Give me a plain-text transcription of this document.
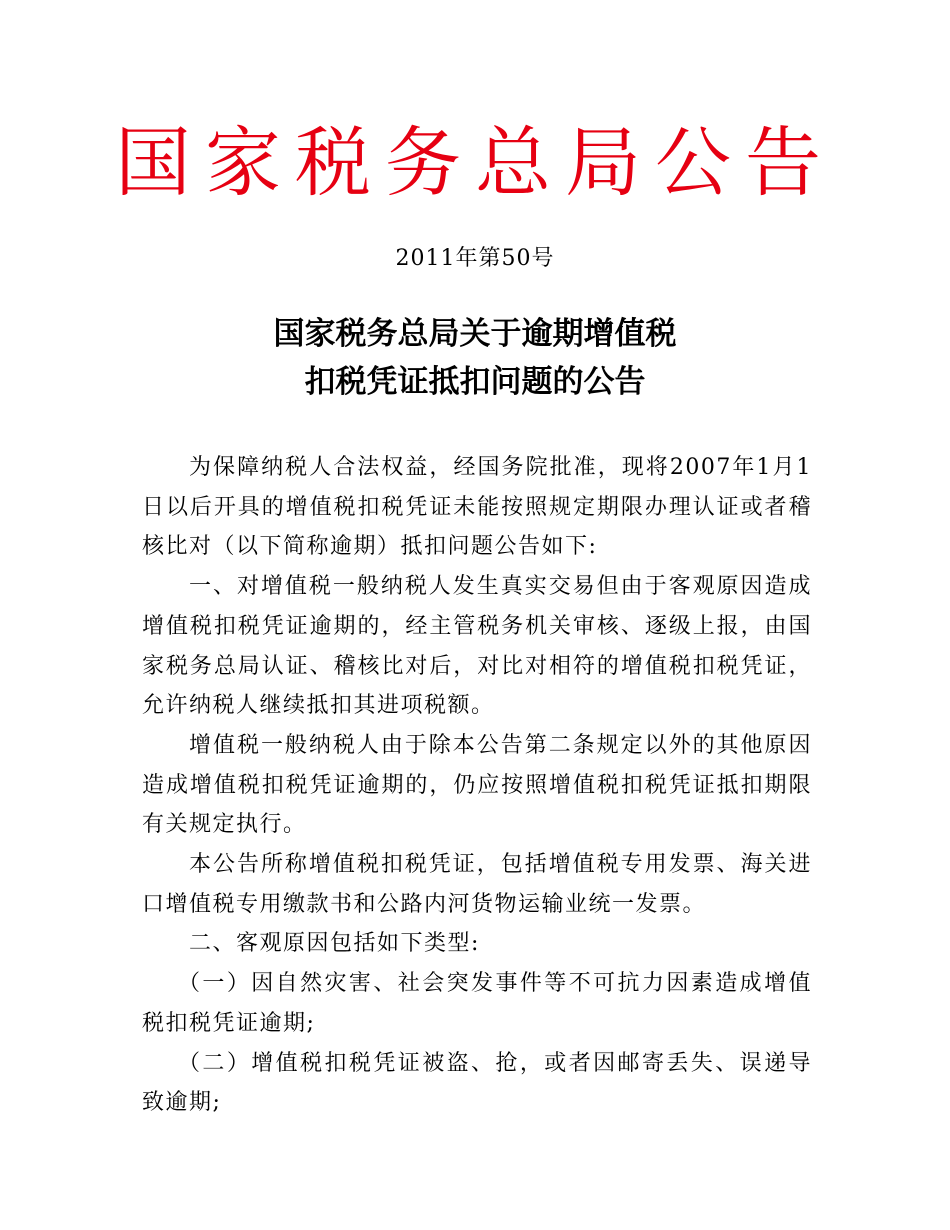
国家税务总局公告
2011年第50号
国家税务总局关于逾期增值税
扣税凭证抵扣问题的公告

为保障纳税人合法权益，经国务院批准，现将2007年1月1日以后开具的增值税扣税凭证未能按照规定期限办理认证或者稽核比对（以下简称逾期）抵扣问题公告如下:

一、对增值税一般纳税人发生真实交易但由于客观原因造成增值税扣税凭证逾期的，经主管税务机关审核、逐级上报，由国家税务总局认证、稽核比对后，对比对相符的增值税扣税凭证，允许纳税人继续抵扣其进项税额。

增值税一般纳税人由于除本公告第二条规定以外的其他原因造成增值税扣税凭证逾期的，仍应按照增值税扣税凭证抵扣期限有关规定执行。

本公告所称增值税扣税凭证，包括增值税专用发票、海关进口增值税专用缴款书和公路内河货物运输业统一发票。

二、客观原因包括如下类型:

（一）因自然灾害、社会突发事件等不可抗力因素造成增值税扣税凭证逾期;

（二）增值税扣税凭证被盗、抢，或者因邮寄丢失、误递导致逾期;
